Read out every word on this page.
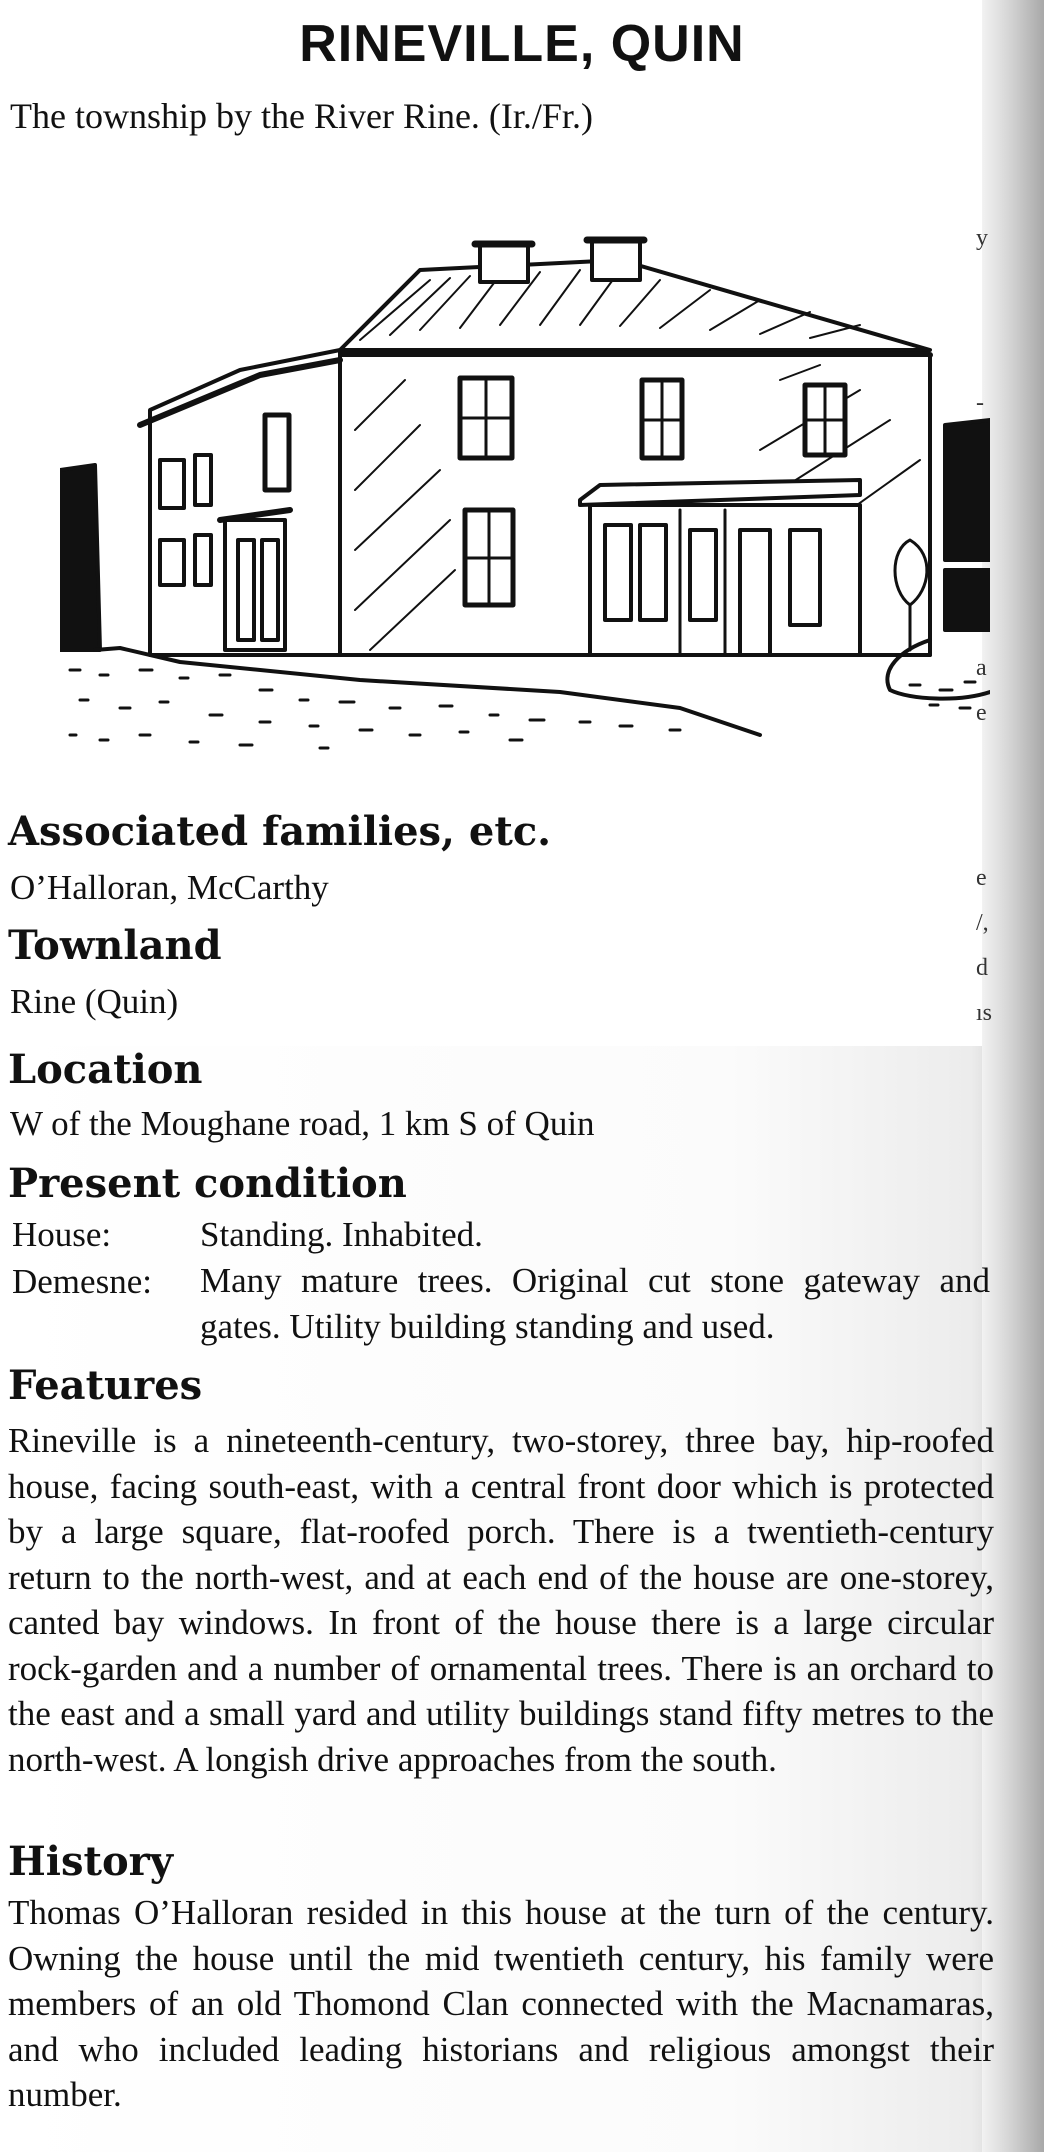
y
-
a
e
e
/,
d
ıs
RINEVILLE, QUIN

The township by the River Rine. (Ir./Fr.)

Associated families, etc.

O’Halloran, McCarthy

Townland

Rine (Quin)

Location

W of the Moughane road, 1 km S of Quin

Present condition
House:	Standing. Inhabited.
Demesne: Many mature trees. Original cut stone gateway and gates. Utility building standing and used.
Features

Rineville is a nineteenth-century, two-storey, three bay, hip-roofed house, facing south-east, with a central front door which is protected by a large square, flat-roofed porch. There is a twentieth-century return to the north-west, and at each end of the house are one-storey, canted bay windows. In front of the house there is a large circular rock-garden and a number of ornamental trees. There is an orchard to the east and a small yard and utility buildings stand fifty metres to the north-west. A longish drive approaches from the south.

History

Thomas O’Halloran resided in this house at the turn of the century. Owning the house until the mid twentieth century, his family were members of an old Thomond Clan connected with the Macnamaras, and who included leading historians and religious amongst their number.
